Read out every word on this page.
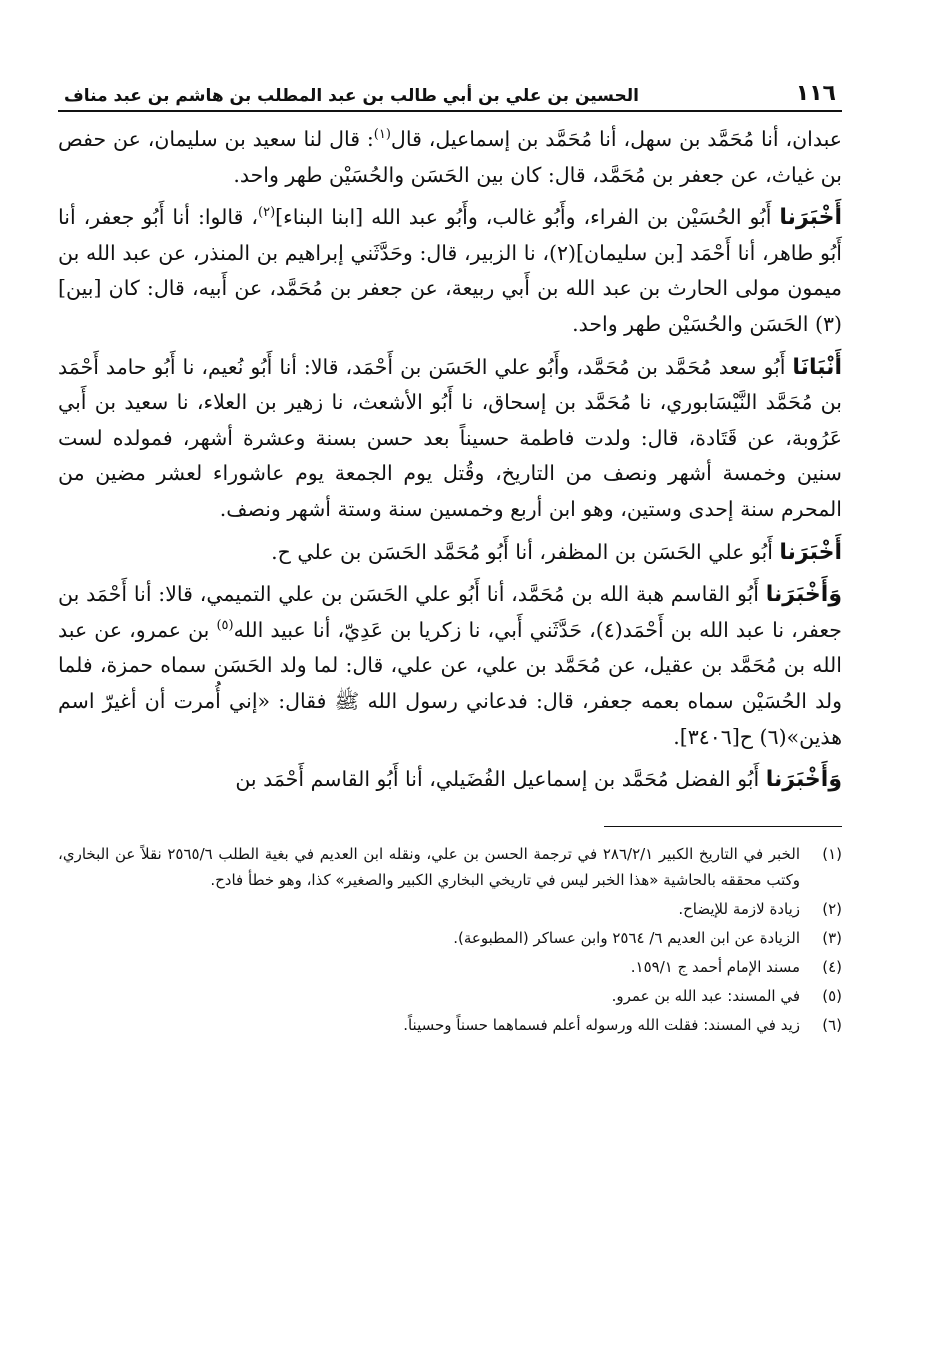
١١٦
الحسين بن علي بن أبي طالب بن عبد المطلب بن هاشم بن عبد مناف

عبدان، أنا مُحَمَّد بن سهل، أنا مُحَمَّد بن إسماعيل، قال$^{(١)}$: قال لنا سعيد بن سليمان، عن حفص بن غياث، عن جعفر بن مُحَمَّد، قال: كان بين الحَسَن والحُسَيْن طهر واحد.

أَخْبَرَنا أَبُو الحُسَيْن بن الفراء، وأَبُو غالب، وأَبُو عبد الله [ابنا البناء]$^{(٢)}$، قالوا: أنا أَبُو جعفر، أنا أَبُو طاهر، أنا أَحْمَد [بن سليمان](٢)، نا الزبير، قال: وحَدَّثَني إبراهيم بن المنذر، عن عبد الله بن ميمون مولى الحارث بن عبد الله بن أَبي ربيعة، عن جعفر بن مُحَمَّد، عن أَبيه، قال: كان [بين](٣) الحَسَن والحُسَيْن طهر واحد.

أَنْبَانَا أَبُو سعد مُحَمَّد بن مُحَمَّد، وأَبُو علي الحَسَن بن أَحْمَد، قالا: أنا أَبُو نُعيم، نا أَبُو حامد أَحْمَد بن مُحَمَّد النَّيْسَابوري، نا مُحَمَّد بن إسحاق، نا أَبُو الأشعث، نا زهير بن العلاء، نا سعيد بن أَبي عَرُوبة، عن قَتَادة، قال: ولدت فاطمة حسيناً بعد حسن بسنة وعشرة أشهر، فمولده لست سنين وخمسة أشهر ونصف من التاريخ، وقُتل يوم الجمعة يوم عاشوراء لعشر مضين من المحرم سنة إحدى وستين، وهو ابن أربع وخمسين سنة وستة أشهر ونصف.

أَخْبَرَنا أَبُو علي الحَسَن بن المظفر، أنا أَبُو مُحَمَّد الحَسَن بن علي ح.

وَأَخْبَرَنا أَبُو القاسم هبة الله بن مُحَمَّد، أنا أَبُو علي الحَسَن بن علي التميمي، قالا: أنا أَحْمَد بن جعفر، نا عبد الله بن أَحْمَد(٤)، حَدَّثَني أَبي، نا زكريا بن عَدِيّ، أنا عبيد الله$^{(٥)}$ بن عمرو، عن عبد الله بن مُحَمَّد بن عقيل، عن مُحَمَّد بن علي، عن علي، قال: لما ولد الحَسَن سماه حمزة، فلما ولد الحُسَيْن سماه بعمه جعفر، قال: فدعاني رسول الله ﷺ فقال: «إني أُمرت أن أغيرّ اسم هذين»(٦) ح[٣٤٠٦].

وَأَخْبَرَنا أَبُو الفضل مُحَمَّد بن إسماعيل الفُضَيلي، أنا أَبُو القاسم أَحْمَد بن

(١)
الخبر في التاريخ الكبير ٢٨٦/٢/١ في ترجمة الحسن بن علي، ونقله ابن العديم في بغية الطلب ٢٥٦٥/٦ نقلاً عن البخاري، وكتب محققه بالحاشية «هذا الخبر ليس في تاريخي البخاري الكبير والصغير» كذا، وهو خطأ فادح.
(٢)
زيادة لازمة للإيضاح.
(٣)
الزيادة عن ابن العديم ٦/ ٢٥٦٤ وابن عساكر (المطبوعة).
(٤)
مسند الإمام أحمد ج ١٥٩/١.
(٥)
في المسند: عبد الله بن عمرو.
(٦)
زيد في المسند: فقلت الله ورسوله أعلم فسماهما حسناً وحسيناً.
